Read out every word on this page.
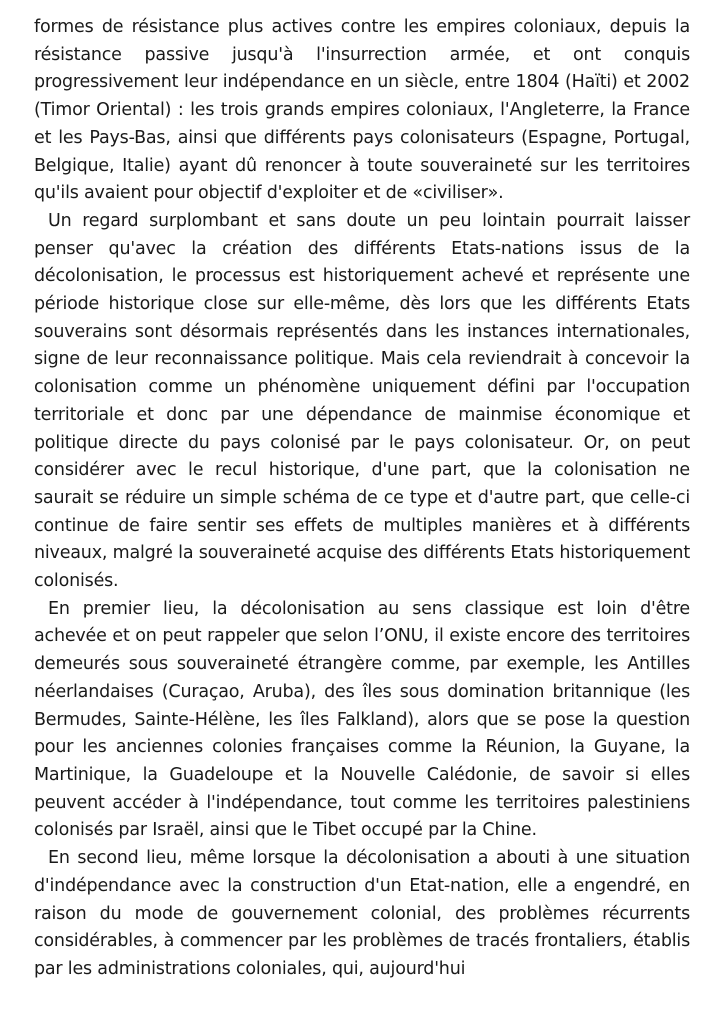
formes de résistance plus actives contre les empires coloniaux, depuis la résistance passive jusqu'à l'insurrection armée, et ont conquis progressivement leur indépendance en un siècle, entre 1804 (Haïti) et 2002 (Timor Oriental) : les trois grands empires coloniaux, l'Angleterre, la France et les Pays-Bas, ainsi que différents pays colonisateurs (Espagne, Portugal, Belgique, Italie) ayant dû renoncer à toute souveraineté sur les territoires qu'ils avaient pour objectif d'exploiter et de «civiliser».

Un regard surplombant et sans doute un peu lointain pourrait laisser penser qu'avec la création des différents Etats-nations issus de la décolonisation, le processus est historiquement achevé et représente une période historique close sur elle-même, dès lors que les différents Etats souverains sont désormais représentés dans les instances internationales, signe de leur reconnaissance politique. Mais cela reviendrait à concevoir la colonisation comme un phénomène uniquement défini par l'occupation territoriale et donc par une dépendance de mainmise économique et politique directe du pays colonisé par le pays colonisateur. Or, on peut considérer avec le recul historique, d'une part, que la colonisation ne saurait se réduire un simple schéma de ce type et d'autre part, que celle-ci continue de faire sentir ses effets de multiples manières et à différents niveaux, malgré la souveraineté acquise des différents Etats historiquement colonisés.

En premier lieu, la décolonisation au sens classique est loin d'être achevée et on peut rappeler que selon l’ONU, il existe encore des territoires demeurés sous souveraineté étrangère comme, par exemple, les Antilles néerlandaises (Curaçao, Aruba), des îles sous domination britannique (les Bermudes, Sainte-Hélène, les îles Falkland), alors que se pose la question pour les anciennes colonies françaises comme la Réunion, la Guyane, la Martinique, la Guadeloupe et la Nouvelle Calédonie, de savoir si elles peuvent accéder à l'indépendance, tout comme les territoires palestiniens colonisés par Israël, ainsi que le Tibet occupé par la Chine.

En second lieu, même lorsque la décolonisation a abouti à une situation d'indépendance avec la construction d'un Etat-nation, elle a engendré, en raison du mode de gouvernement colonial, des problèmes récurrents considérables, à commencer par les problèmes de tracés frontaliers, établis par les administrations coloniales, qui, aujourd'hui
